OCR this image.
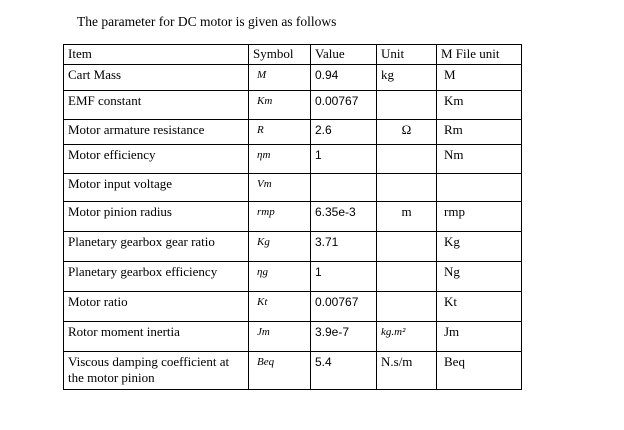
The parameter for DC motor is given as follows
Item	Symbol	Value	Unit	M File unit
Cart Mass	M	0.94	kg	M
EMF constant	Km	0.00767		Km
Motor armature resistance	R	2.6	Ω	Rm
Motor efficiency	ηm	1		Nm
Motor input voltage	Vm			
Motor pinion radius	rmp	6.35e-3	m	rmp
Planetary gearbox gear ratio	Kg	3.71		Kg
Planetary gearbox efficiency	ηg	1		Ng
Motor ratio	Kt	0.00767		Kt
Rotor moment inertia	Jm	3.9e-7	kg.m²	Jm
Viscous damping coefficient at the motor pinion	Beq	5.4	N.s/m	Beq
